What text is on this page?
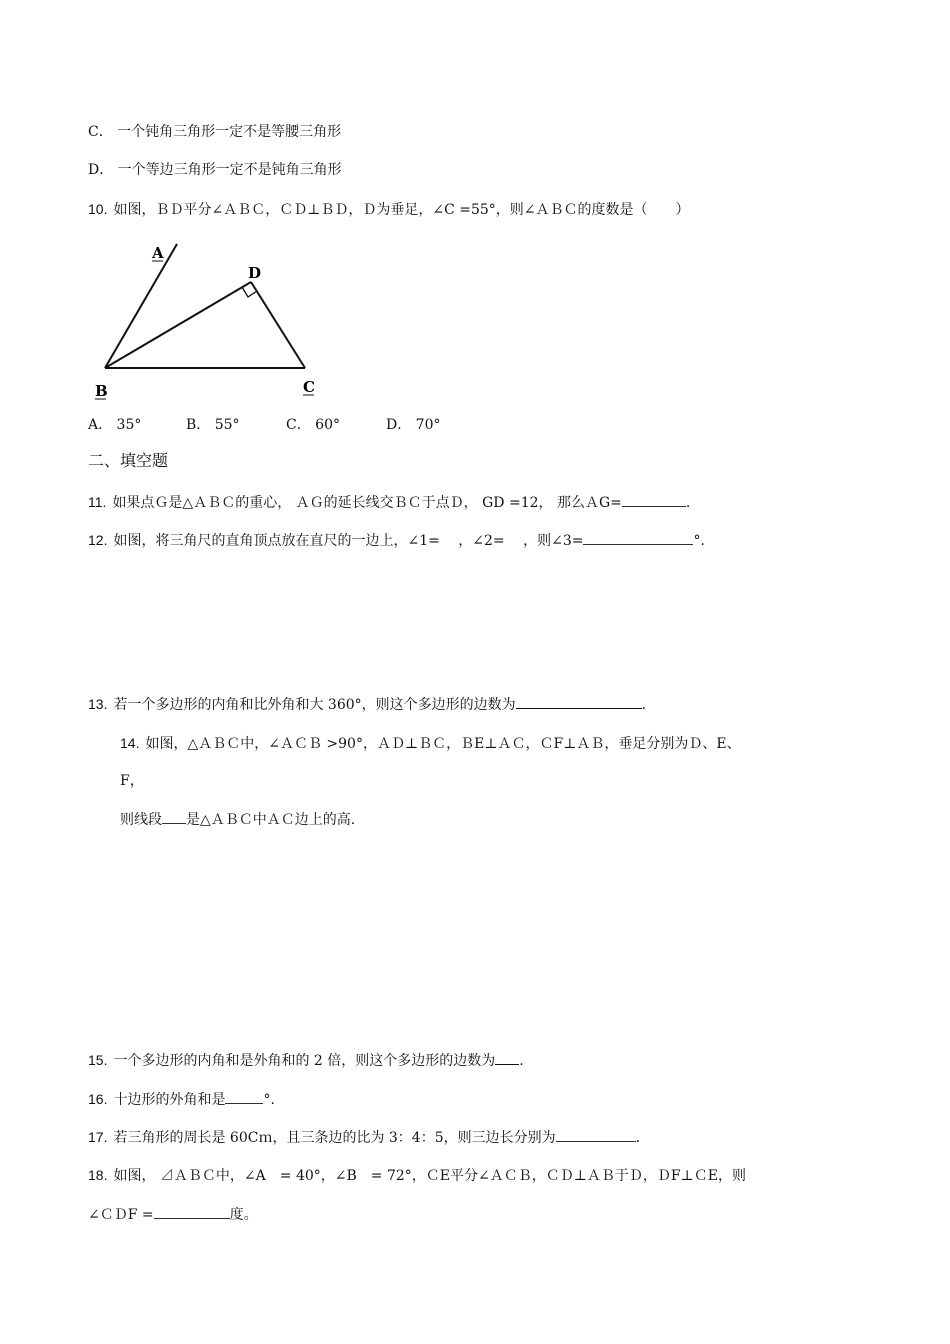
C． 一个钝角三角形一定不是等腰三角形
D． 一个等边三角形一定不是钝角三角形
10. 如图，ＢＤ平分∠ＡＢＣ，ＣＤ⊥ＢＤ，Ｄ为垂足，∠C =55°，则∠ＡＢＣ的度数是（　　）
A
D
B	C
A． 35°	B． 55°	C． 60°	D． 70°
二、填空题
11. 如果点Ｇ是△ＡＢＣ的重心， ＡＧ的延长线交ＢＣ于点Ｄ， GD =12， 那么ＡG=	.
12. 如图，将三角尺的直角顶点放在直尺的一边上，∠1=　 ，∠2=　 ，则∠3=	°.
13. 若一个多边形的内角和比外角和大 360°，则这个多边形的边数为	.
14. 如图，△ＡＢＣ中，∠ＡＣＢ >90°，ＡＤ⊥ＢＣ，ＢE⊥ＡＣ，ＣF⊥ＡＢ，垂足分别为Ｄ、E、
F，
则线段 是△ＡＢＣ中ＡＣ边上的高.
15. 一个多边形的内角和是外角和的 2 倍，则这个多边形的边数为 .
16. 十边形的外角和是	°.
17. 若三角形的周长是 60Cｍ，且三条边的比为 3：4：5，则三边长分别为	.
18. 如图， ⊿ＡＢＣ中，∠A　= 40°，∠B　= 72°，ＣE平分∠ＡＣＢ，ＣＤ⊥ＡＢ于Ｄ，ＤF⊥ＣE，则
∠ＣＤF =	度。
